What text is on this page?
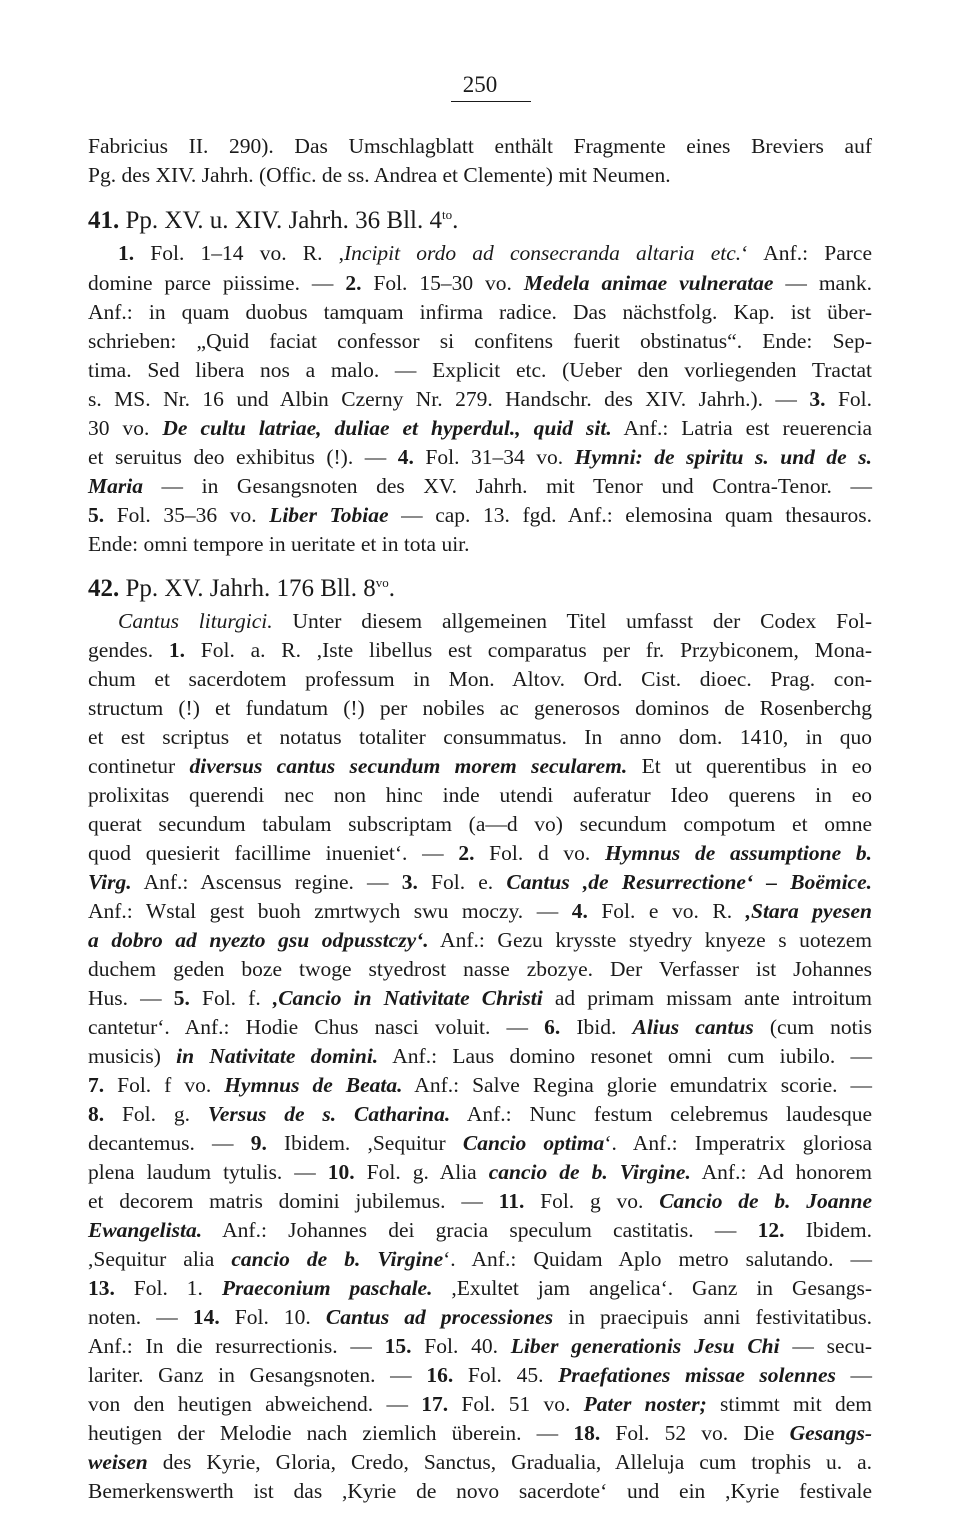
250
Fabricius II. 290). Das Umschlagblatt enthält Fragmente eines Breviers auf
Pg. des XIV. Jahrh. (Offic. de ss. Andrea et Clemente) mit Neumen.
41. Pp. XV. u. XIV. Jahrh. 36 Bll. $4^{to}$.
1. Fol. 1–14 vo. R. ,Incipit ordo ad consecranda altaria etc.‘ Anf.: Parce
domine parce piissime. — 2. Fol. 15–30 vo. Medela animae vulneratae — mank.
Anf.: in quam duobus tamquam infirma radice. Das nächstfolg. Kap. ist über-
schrieben: „Quid faciat confessor si confitens fuerit obstinatus“. Ende: Sep-
tima. Sed libera nos a malo. — Explicit etc. (Ueber den vorliegenden Tractat
s. MS. Nr. 16 und Albin Czerny Nr. 279. Handschr. des XIV. Jahrh.). — 3. Fol.
30 vo. De cultu latriae, duliae et hyperdul., quid sit. Anf.: Latria est reuerencia
et seruitus deo exhibitus (!). — 4. Fol. 31–34 vo. Hymni: de spiritu s. und de s.
Maria — in Gesangsnoten des XV. Jahrh. mit Tenor und Contra-Tenor. —
5. Fol. 35–36 vo. Liber Tobiae — cap. 13. fgd. Anf.: elemosina quam thesauros.
Ende: omni tempore in ueritate et in tota uir.
42. Pp. XV. Jahrh. 176 Bll. $8^{vo}$.
Cantus liturgici. Unter diesem allgemeinen Titel umfasst der Codex Fol-
gendes. 1. Fol. a. R. ,Iste libellus est comparatus per fr. Przybiconem, Mona-
chum et sacerdotem professum in Mon. Altov. Ord. Cist. dioec. Prag. con-
structum (!) et fundatum (!) per nobiles ac generosos dominos de Rosenberchg
et est scriptus et notatus totaliter consummatus. In anno dom. 1410, in quo
continetur diversus cantus secundum morem secularem. Et ut querentibus in eo
prolixitas querendi nec non hinc inde utendi auferatur Ideo querens in eo
querat secundum tabulam subscriptam (a—d vo) secundum compotum et omne
quod quesierit facillime inueniet‘. — 2. Fol. d vo. Hymnus de assumptione b.
Virg. Anf.: Ascensus regine. — 3. Fol. e. Cantus ,de Resurrectione‘ – Boëmice.
Anf.: Wstal gest buoh zmrtwych swu moczy. — 4. Fol. e vo. R. ,Stara pyesen
a dobro ad nyezto gsu odpusstczy‘. Anf.: Gezu krysste styedry knyeze s uotezem
duchem geden boze twoge styedrost nasse zbozye. Der Verfasser ist Johannes
Hus. — 5. Fol. f. ,Cancio in Nativitate Christi ad primam missam ante introitum
cantetur‘. Anf.: Hodie Chus nasci voluit. — 6. Ibid. Alius cantus (cum notis
musicis) in Nativitate domini. Anf.: Laus domino resonet omni cum iubilo. —
7. Fol. f vo. Hymnus de Beata. Anf.: Salve Regina glorie emundatrix scorie. —
8. Fol. g. Versus de s. Catharina. Anf.: Nunc festum celebremus laudesque
decantemus. — 9. Ibidem. ,Sequitur Cancio optima‘. Anf.: Imperatrix gloriosa
plena laudum tytulis. — 10. Fol. g. Alia cancio de b. Virgine. Anf.: Ad honorem
et decorem matris domini jubilemus. — 11. Fol. g vo. Cancio de b. Joanne
Ewangelista. Anf.: Johannes dei gracia speculum castitatis. — 12. Ibidem.
,Sequitur alia cancio de b. Virgine‘. Anf.: Quidam Aplo metro salutando. —
13. Fol. 1. Praeconium paschale. ,Exultet jam angelica‘. Ganz in Gesangs-
noten. — 14. Fol. 10. Cantus ad processiones in praecipuis anni festivitatibus.
Anf.: In die resurrectionis. — 15. Fol. 40. Liber generationis Jesu Chi — secu-
lariter. Ganz in Gesangsnoten. — 16. Fol. 45. Praefationes missae solennes —
von den heutigen abweichend. — 17. Fol. 51 vo. Pater noster; stimmt mit dem
heutigen der Melodie nach ziemlich überein. — 18. Fol. 52 vo. Die Gesangs-
weisen des Kyrie, Gloria, Credo, Sanctus, Gradualia, Alleluja cum trophis u. a.
Bemerkenswerth ist das ,Kyrie de novo sacerdote‘ und ein ,Kyrie festivale
